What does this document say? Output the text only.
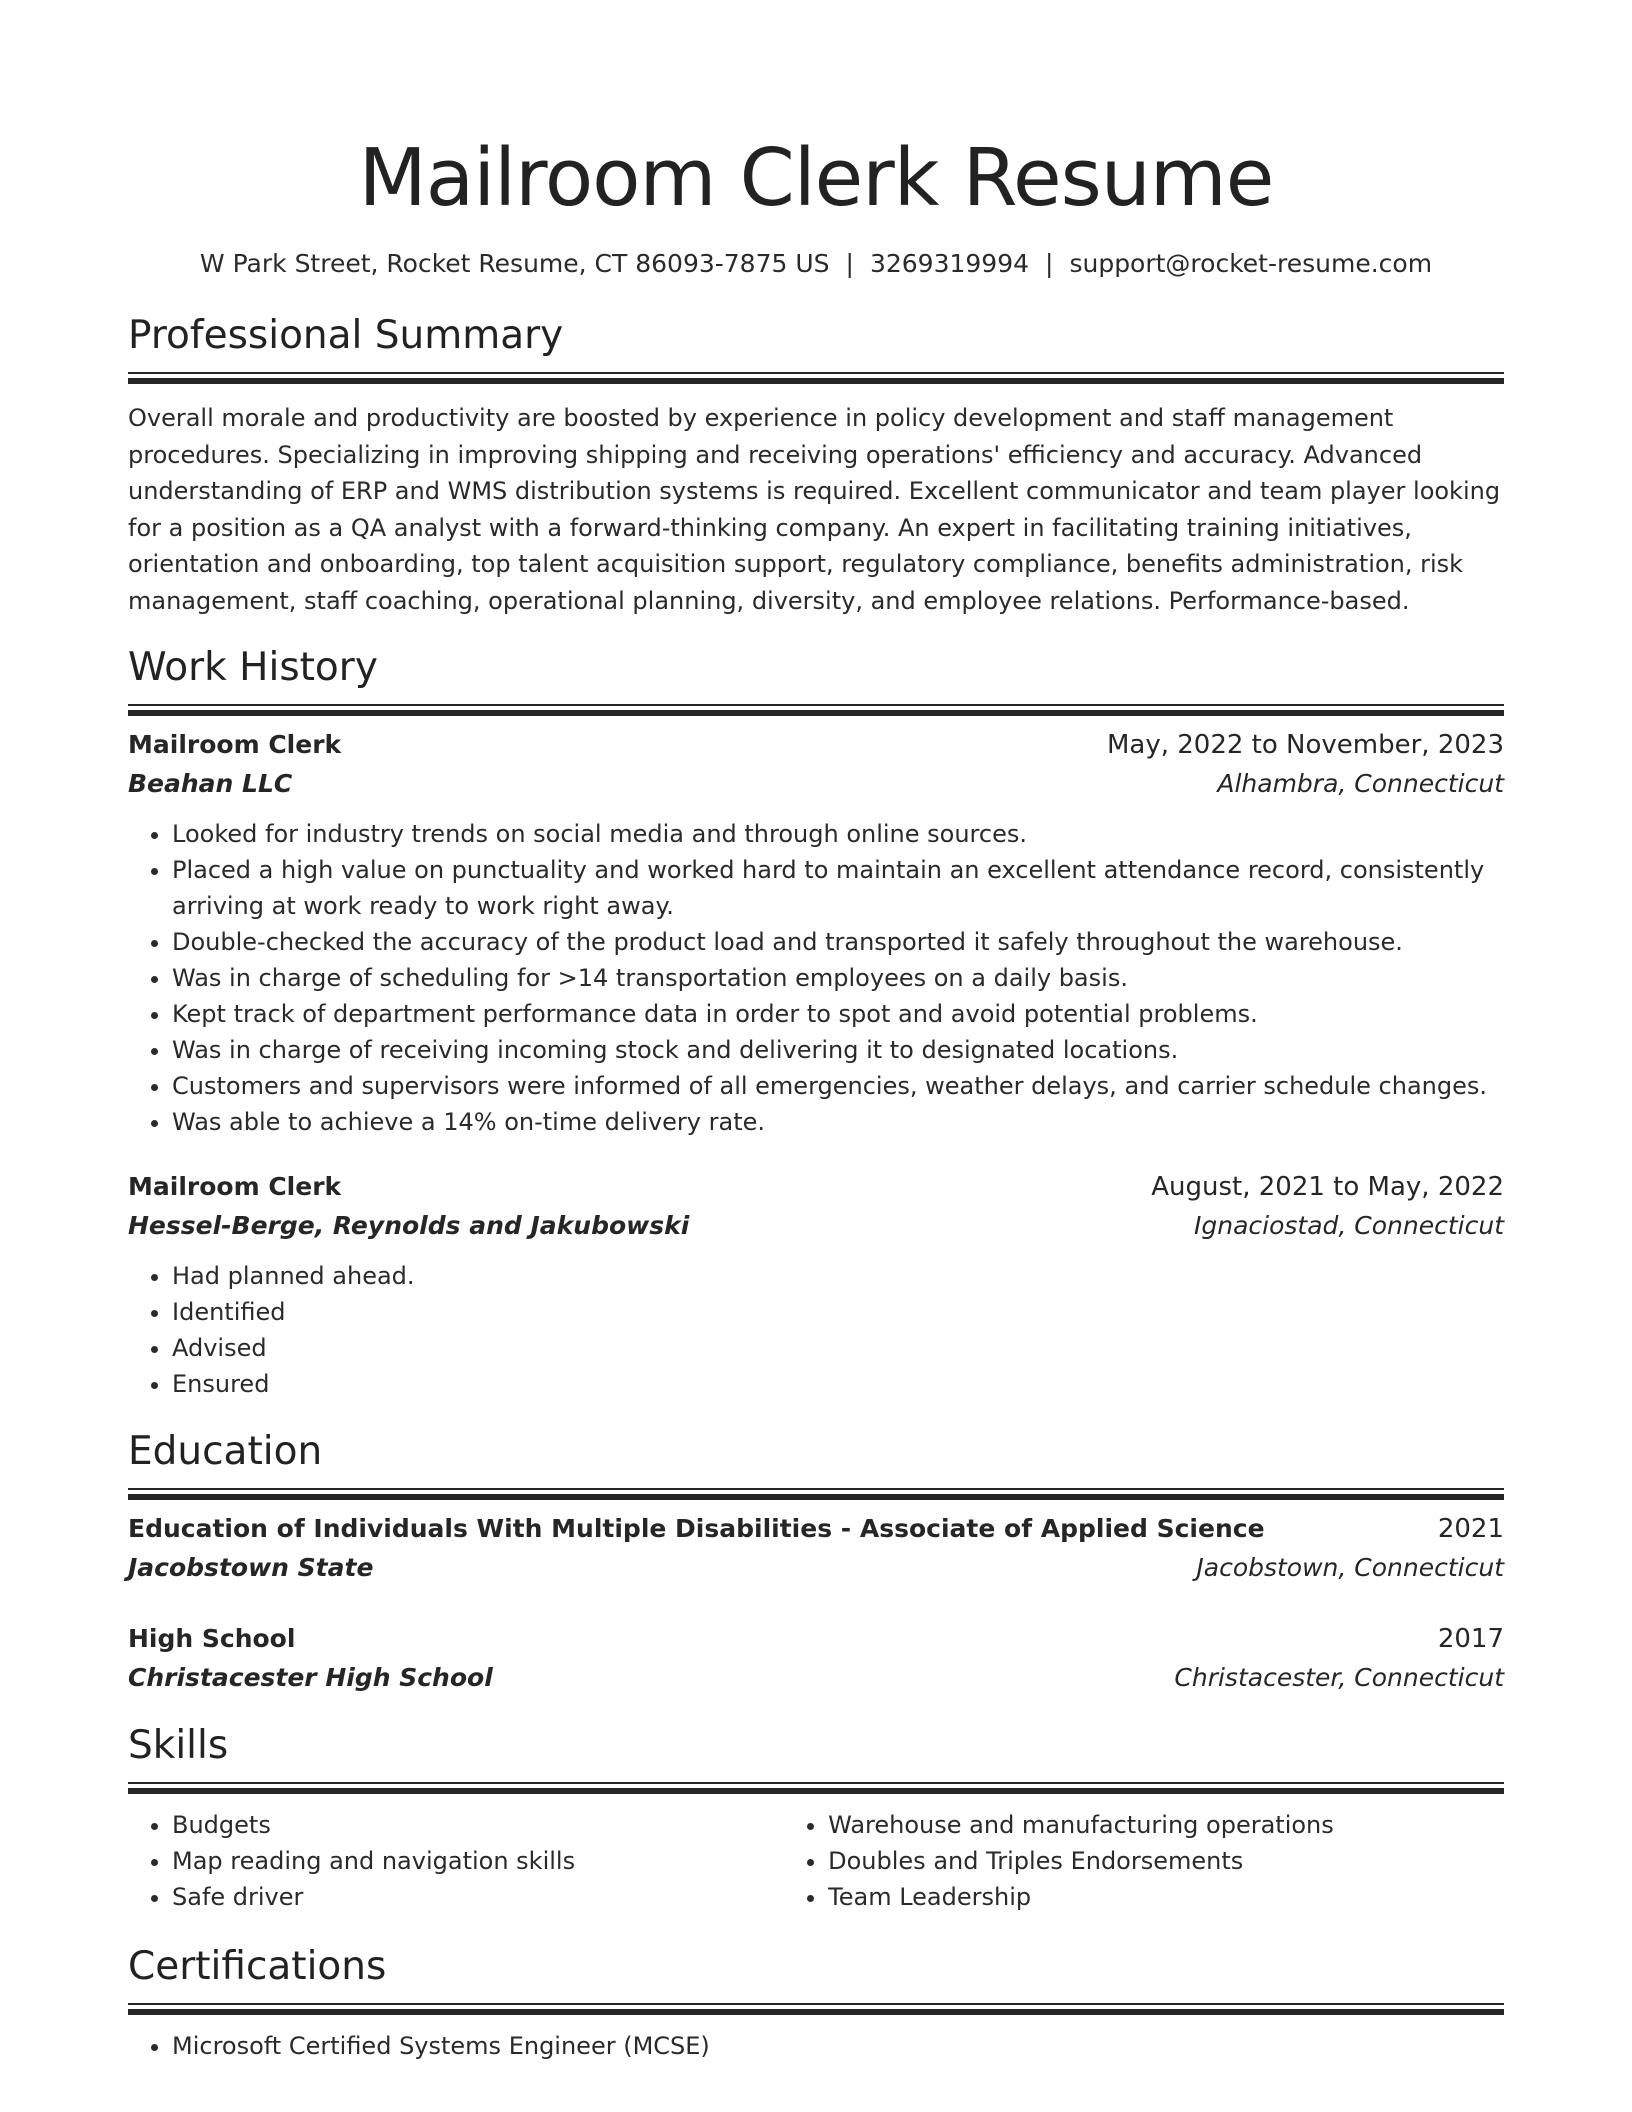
Mailroom Clerk Resume
W Park Street, Rocket Resume, CT 86093-7875 US | 3269319994 | support@rocket-resume.com
Professional Summary
Overall morale and productivity are boosted by experience in policy development and staff management procedures. Specializing in improving shipping and receiving operations' efficiency and accuracy. Advanced understanding of ERP and WMS distribution systems is required. Excellent communicator and team player looking for a position as a QA analyst with a forward-thinking company. An expert in facilitating training initiatives, orientation and onboarding, top talent acquisition support, regulatory compliance, benefits administration, risk management, staff coaching, operational planning, diversity, and employee relations. Performance-based.
Work History
Mailroom Clerk	May, 2022 to November, 2023
Beahan LLC	Alhambra, Connecticut
• Looked for industry trends on social media and through online sources.
• Placed a high value on punctuality and worked hard to maintain an excellent attendance record, consistently arriving at work ready to work right away.
• Double-checked the accuracy of the product load and transported it safely throughout the warehouse.
• Was in charge of scheduling for >14 transportation employees on a daily basis.
• Kept track of department performance data in order to spot and avoid potential problems.
• Was in charge of receiving incoming stock and delivering it to designated locations.
• Customers and supervisors were informed of all emergencies, weather delays, and carrier schedule changes.
• Was able to achieve a 14% on-time delivery rate.
Mailroom Clerk	August, 2021 to May, 2022
Hessel-Berge, Reynolds and Jakubowski	Ignaciostad, Connecticut
• Had planned ahead.
• Identified
• Advised
• Ensured
Education
Education of Individuals With Multiple Disabilities - Associate of Applied Science	2021
Jacobstown State	Jacobstown, Connecticut
High School	2017
Christacester High School	Christacester, Connecticut
Skills
• Budgets
• Map reading and navigation skills
• Safe driver
• Warehouse and manufacturing operations
• Doubles and Triples Endorsements
• Team Leadership
Certifications
• Microsoft Certified Systems Engineer (MCSE)
